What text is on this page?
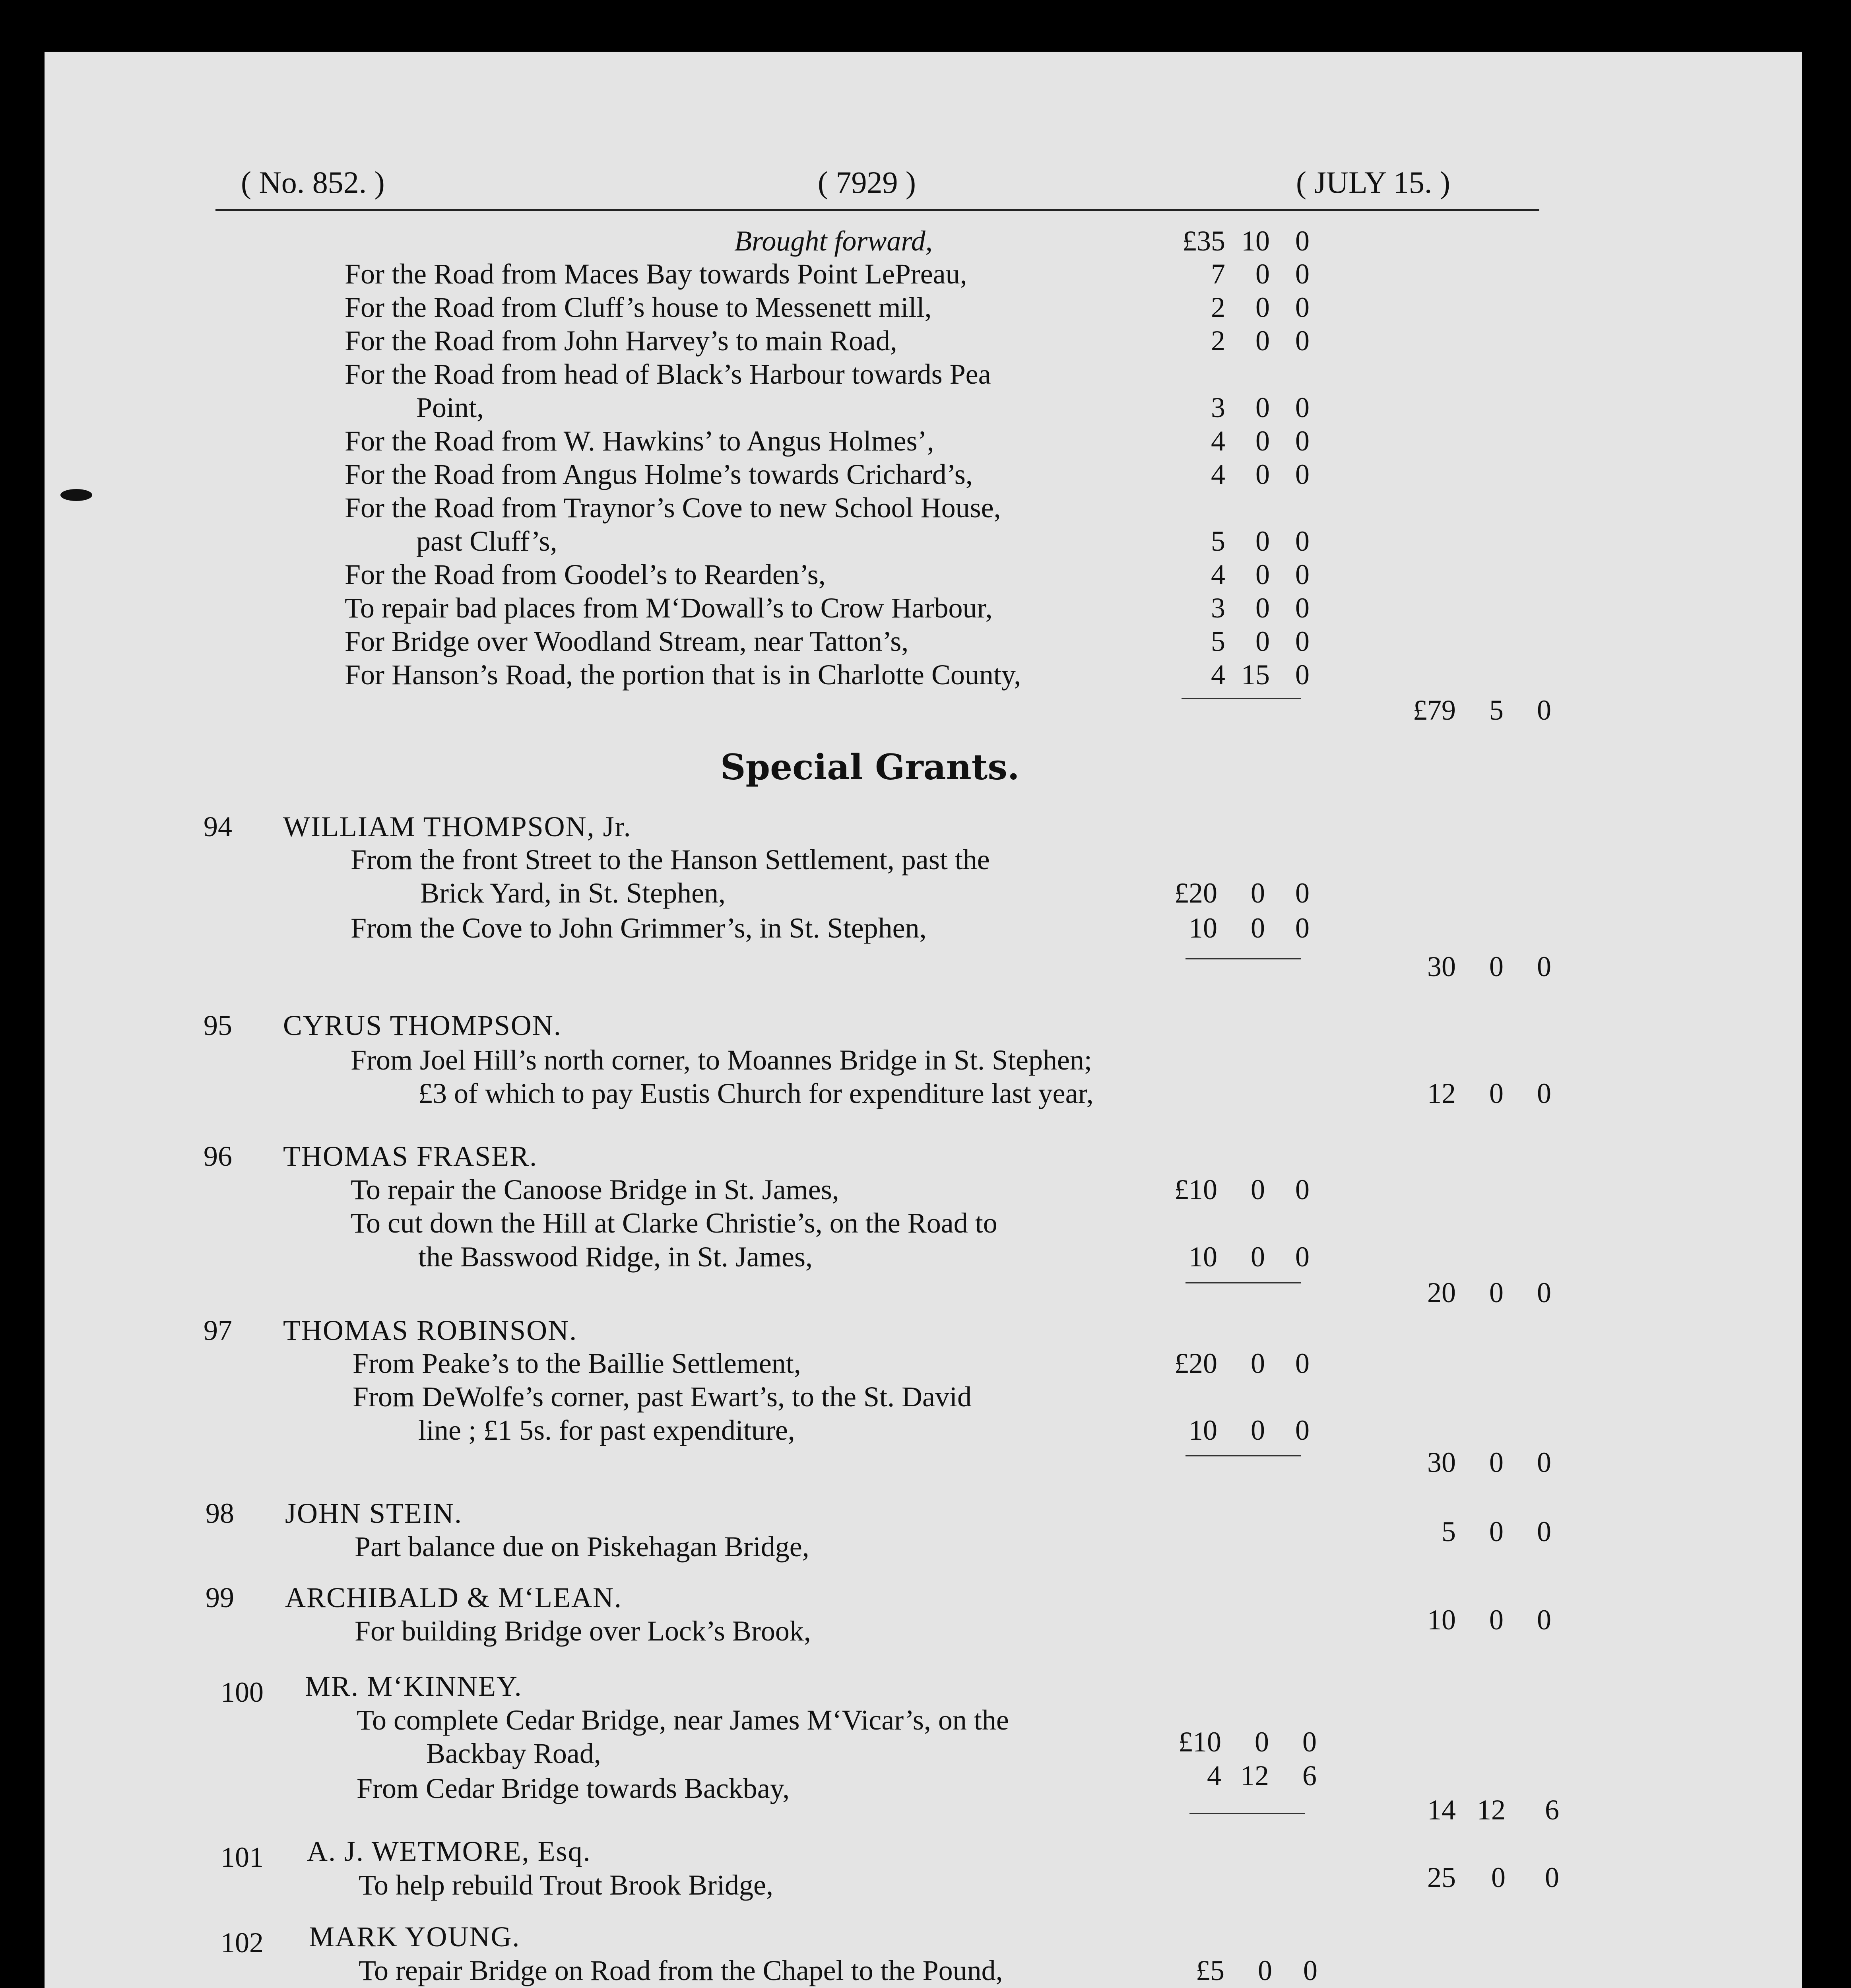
( No. 852. )	( 7929 )	( JULY 15. )
Brought forward,	£35 10 0
For the Road from Maces Bay towards Point LePreau,	7	0 0
For the Road from Cluff’s house to Messenett mill,	2	0 0
For the Road from John Harvey’s to main Road,	2	0 0
For the Road from head of Black’s Harbour towards Pea
Point,	3	0 0
For the Road from W. Hawkins’ to Angus Holmes’,	4	0 0
For the Road from Angus Holme’s towards Crichard’s,	4	0 0
For the Road from Traynor’s Cove to new School House,
past Cluff’s,	5	0 0
For the Road from Goodel’s to Rearden’s,	4	0 0
To repair bad places from M‘Dowall’s to Crow Harbour,	3	0 0
For Bridge over Woodland Stream, near Tatton’s,	5	0 0
For Hanson’s Road, the portion that is in Charlotte County,	4 15 0
£79	5	0
Special Grants.
94 WILLIAM THOMPSON, Jr.
From the front Street to the Hanson Settlement, past the
Brick Yard, in St. Stephen,	£20	0	0
From the Cove to John Grimmer’s, in St. Stephen,	10	0	0
30	0	0
95 CYRUS THOMPSON.
From Joel Hill’s north corner, to Moannes Bridge in St. Stephen;
£3 of which to pay Eustis Church for expenditure last year,	12	0	0
96 THOMAS FRASER.
To repair the Canoose Bridge in St. James,	£10	0	0
To cut down the Hill at Clarke Christie’s, on the Road to
the Basswood Ridge, in St. James,	10	0	0
20	0	0
97 THOMAS ROBINSON.
From Peake’s to the Baillie Settlement,	£20	0	0
From DeWolfe’s corner, past Ewart’s, to the St. David
line ; £1 5s. for past expenditure,	10	0	0
30	0	0
98 JOHN STEIN.
Part balance due on Piskehagan Bridge,	5	0	0
99 ARCHIBALD & M‘LEAN.
For building Bridge over Lock’s Brook,	10	0	0
100 MR. M‘KINNEY.
To complete Cedar Bridge, near James M‘Vicar’s, on the
Backbay Road,	£10	0	0
From Cedar Bridge towards Backbay,	4 12	6
14 12	6
101 A. J. WETMORE, Esq.
To help rebuild Trout Brook Bridge,	25	0	0
102 MARK YOUNG.
To repair Bridge on Road from the Chapel to the Pound,	£5	0	0
